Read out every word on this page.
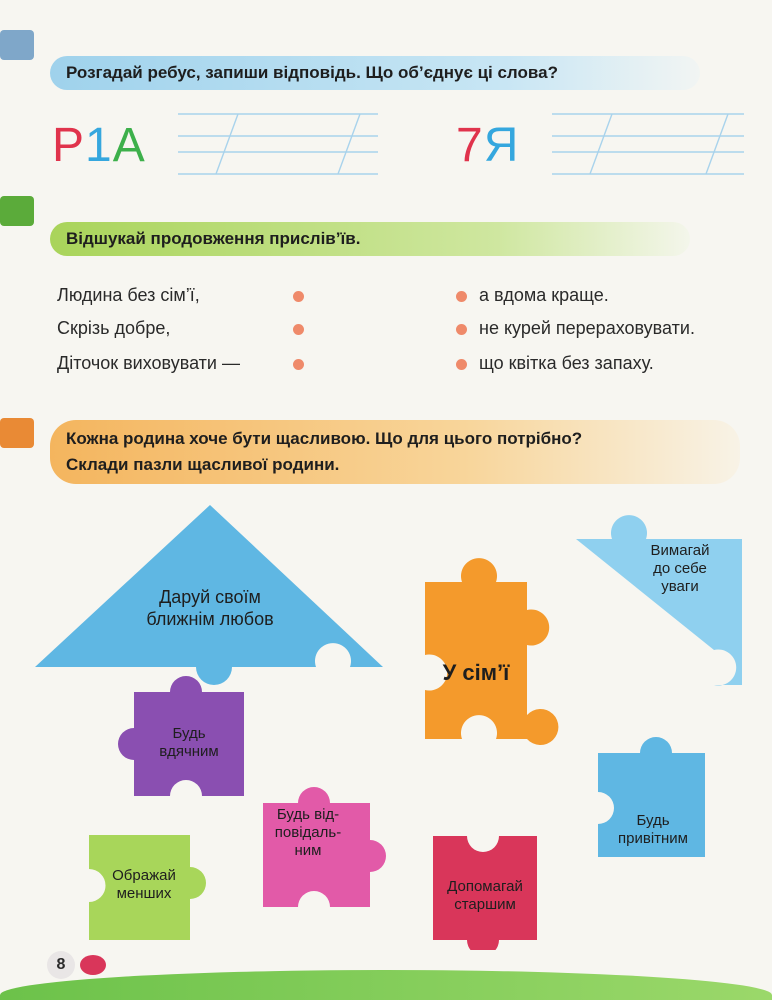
Розгадай ребус, запиши відповідь. Що об’єднує ці слова?
Р1А	7Я
Відшукай продовження прислів’їв.
Людина без сім’ї,
Скрізь добре,
Діточок виховувати —
а вдома краще.
не курей перераховувати.
що квітка без запаху.
Кожна родина хоче бути щасливою. Що для цього потрібно?
Склади пазли щасливої родини.
Даруй своїм
ближнім любов
У сім’ї
Вимагай
до себе
уваги
Будь
вдячним
Будь від-
повідаль-
ним
Ображай
менших	Допомагай
старшим
Будь
привітним
8
